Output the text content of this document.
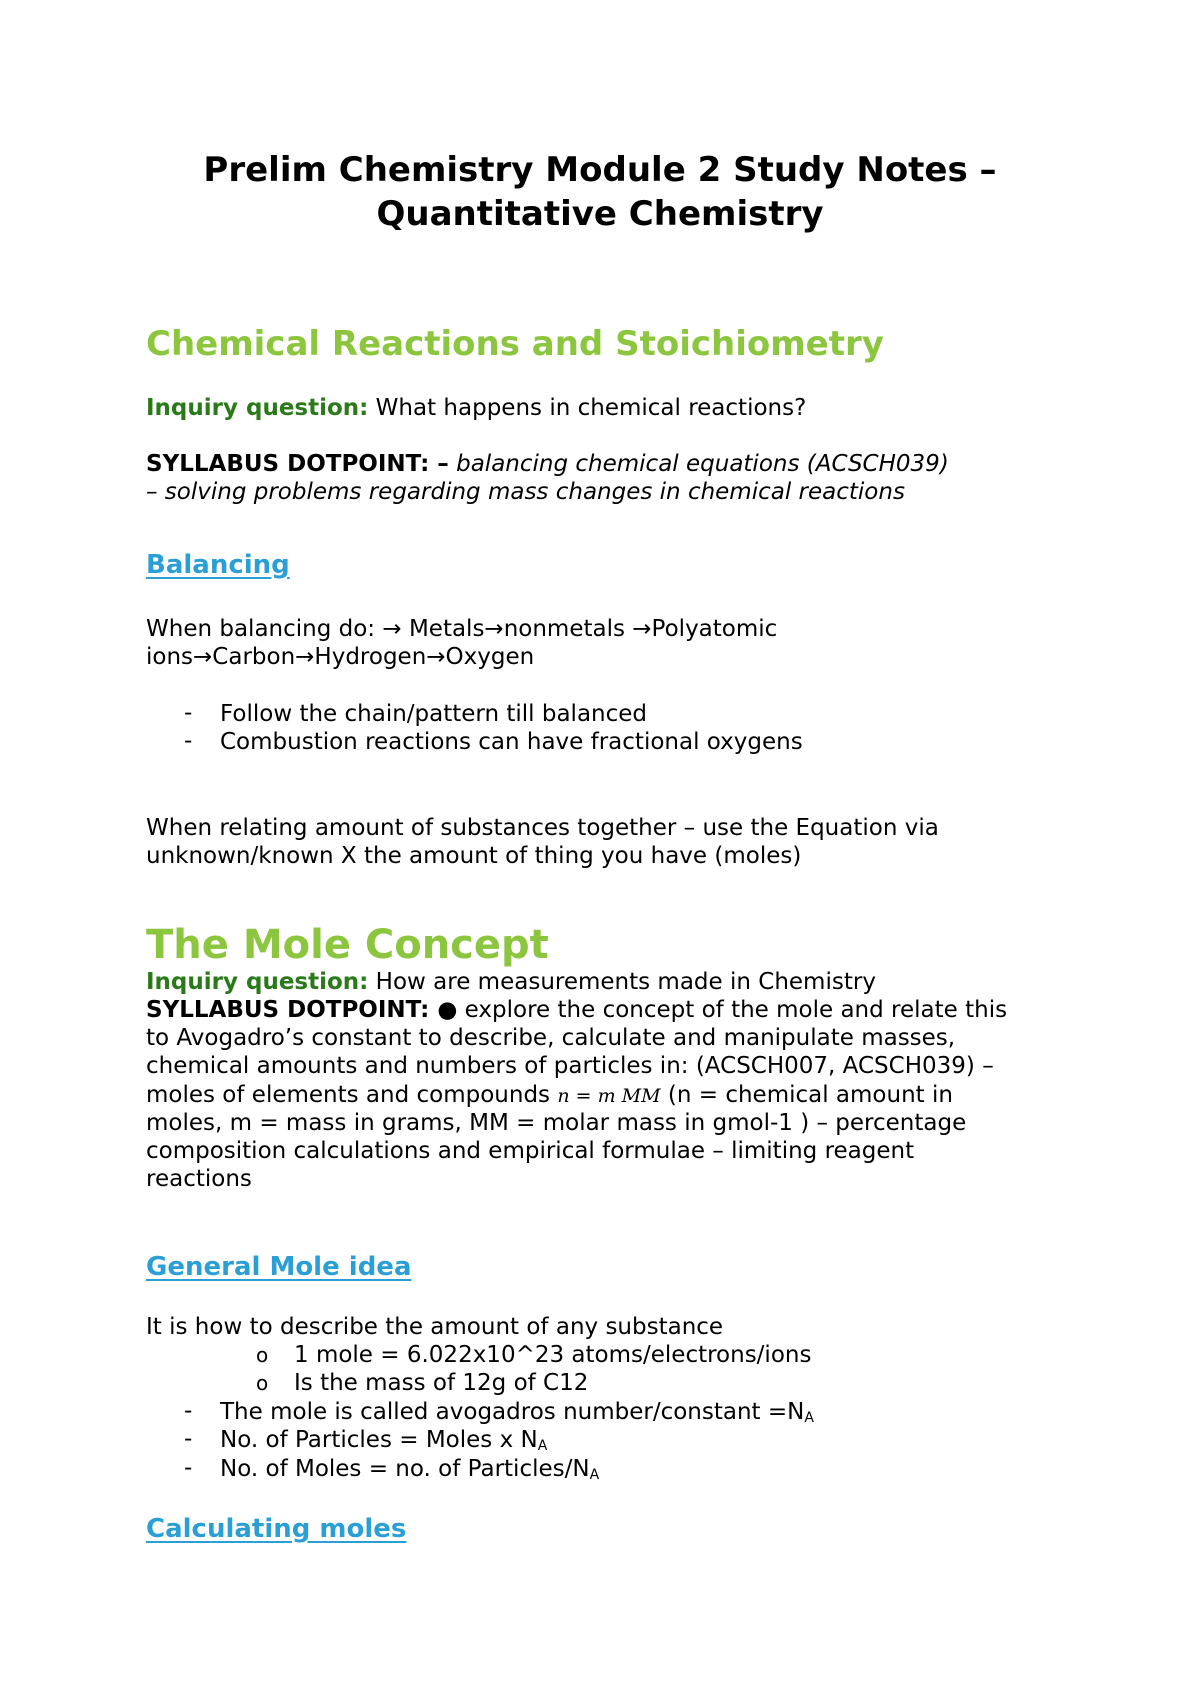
Prelim Chemistry Module 2 Study Notes –
Quantitative Chemistry
Chemical Reactions and Stoichiometry
Inquiry question: What happens in chemical reactions?
SYLLABUS DOTPOINT: – balancing chemical equations (ACSCH039)
– solving problems regarding mass changes in chemical reactions
Balancing
When balancing do: → Metals→nonmetals →Polyatomic
ions→Carbon→Hydrogen→Oxygen
- Follow the chain/pattern till balanced
- Combustion reactions can have fractional oxygens
When relating amount of substances together – use the Equation via
unknown/known X the amount of thing you have (moles)
The Mole Concept
Inquiry question: How are measurements made in Chemistry
SYLLABUS DOTPOINT: ● explore the concept of the mole and relate this
to Avogadro’s constant to describe, calculate and manipulate masses,
chemical amounts and numbers of particles in: (ACSCH007, ACSCH039) –
moles of elements and compounds n = m MM (n = chemical amount in
moles, m = mass in grams, MM = molar mass in gmol-1 ) – percentage
composition calculations and empirical formulae – limiting reagent
reactions
General Mole idea
It is how to describe the amount of any substance
o 1 mole = 6.022x10^23 atoms/electrons/ions
o Is the mass of 12g of C12
- The mole is called avogadros number/constant $=N_A$
- No. of Particles = Moles x $N_A$
- No. of Moles = no. of Particles/$N_A$
Calculating moles
